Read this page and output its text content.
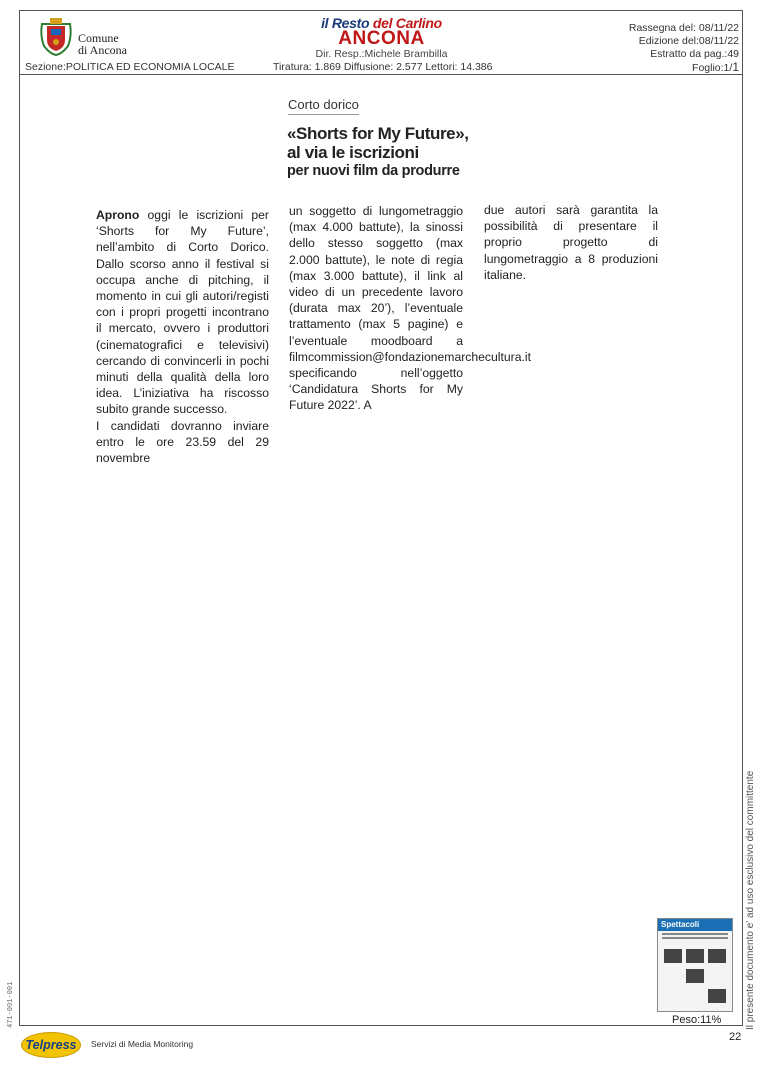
Comune
di Ancona
Sezione:POLITICA ED ECONOMIA LOCALE
il Resto del Carlino
ANCONA
Dir. Resp.:Michele Brambilla
Tiratura: 1.869 Diffusione: 2.577 Lettori: 14.386
Rassegna del: 08/11/22
Edizione del:08/11/22
Estratto da pag.:49
Foglio:1/1
Corto dorico
«Shorts for My Future»,
al via le iscrizioni
per nuovi film da produrre

Aprono oggi le iscrizioni per ‘Shorts for My Future’, nell’ambito di Corto Dorico. Dallo scorso anno il festival si occupa anche di pitching, il momento in cui gli autori/registi con i propri progetti incontrano il mercato, ovvero i produttori (cinematografici e televisivi) cercando di convincerli in pochi minuti della qualità della loro idea. L’iniziativa ha riscosso subito grande successo.

I candidati dovranno inviare entro le ore 23.59 del 29 novembre

un soggetto di lungometraggio (max 4.000 battute), la sinossi dello stesso soggetto (max 2.000 battute), le note di regia (max 3.000 battute), il link al video di un precedente lavoro (durata max 20’), l’eventuale trattamento (max 5 pagine) e l’eventuale moodboard a filmcommission@fondazionemarchecultura.it specificando nell’oggetto ‘Candidatura Shorts for My Future 2022’. A

due autori sarà garantita la possibilità di presentare il proprio progetto di lungometraggio a 8 produzioni italiane.

Spettacoli
Peso:11% Il presente documento e' ad uso esclusivo del committente
471-001-001
Telpress	Servizi di Media Monitoring
22
